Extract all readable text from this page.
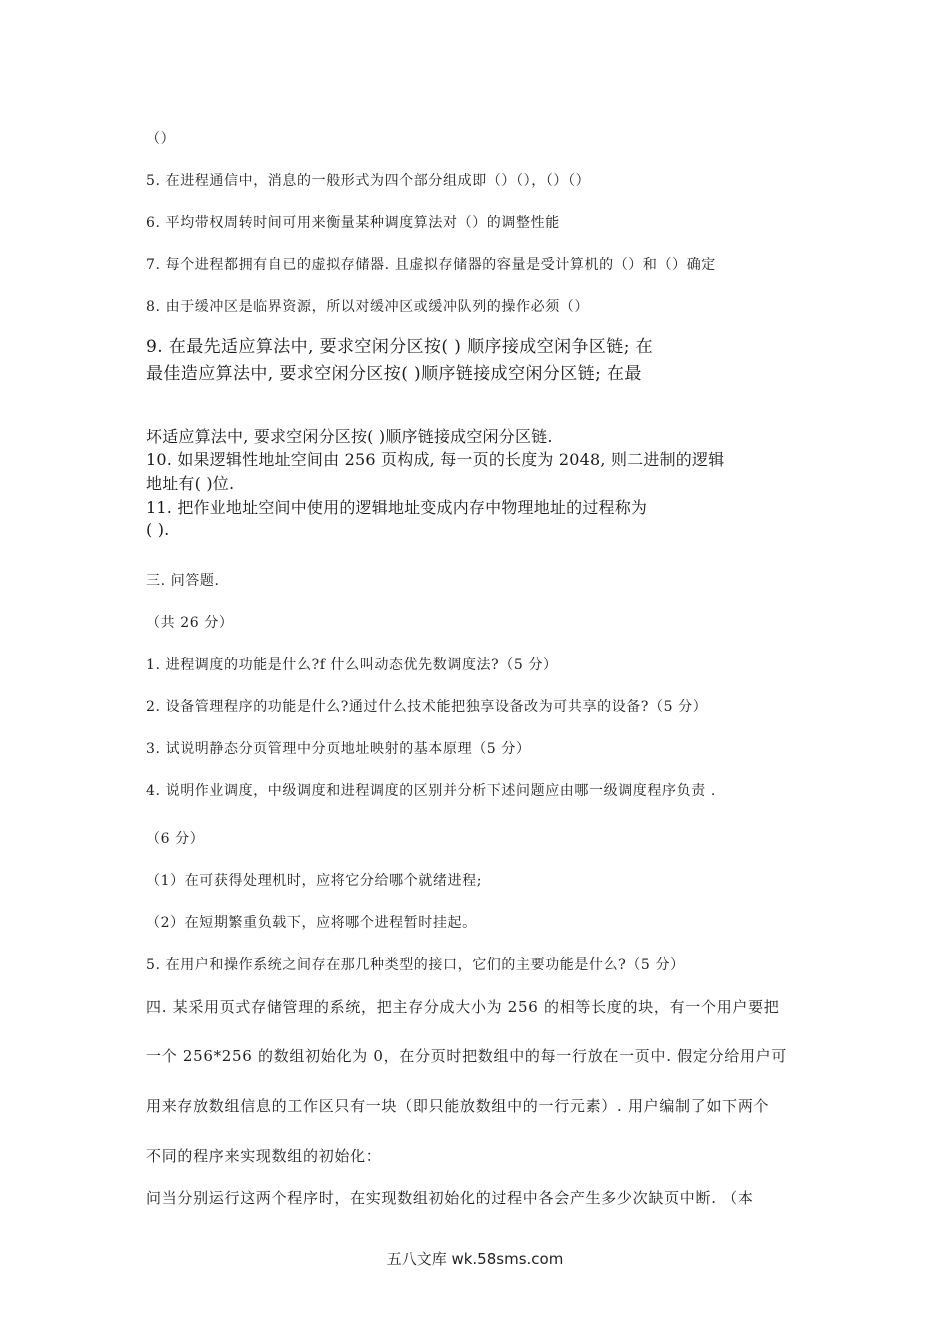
（）
5. 在进程通信中，消息的一般形式为四个部分组成即（）（），（）（）
6. 平均带权周转时间可用来衡量某种调度算法对（）的调整性能
7. 每个进程都拥有自已的虚拟存储器. 且虚拟存储器的容量是受计算机的（）和（）确定
8. 由于缓冲区是临界资源，所以对缓冲区或缓冲队列的操作必须（）
9. 在最先适应算法中, 要求空闲分区按( ) 顺序接成空闲争区链; 在
最佳造应算法中, 要求空闲分区按( )顺序链接成空闲分区链; 在最
坏适应算法中, 要求空闲分区按( )顺序链接成空闲分区链.
10. 如果逻辑性地址空间由 256 页构成, 每一页的长度为 2048, 则二进制的逻辑
地址有( )位.
11. 把作业地址空间中使用的逻辑地址变成内存中物理地址的过程称为
( ).
三. 问答题.
（共 26 分）
1. 进程调度的功能是什么?f 什么叫动态优先数调度法?（5 分）
2. 设备管理程序的功能是什么?通过什么技术能把独享设备改为可共享的设备?（5 分）
3. 试说明静态分页管理中分页地址映射的基本原理（5 分）
4. 说明作业调度，中级调度和进程调度的区别并分析下述问题应由哪一级调度程序负责 .
（6 分）
（1）在可获得处理机时，应将它分给哪个就绪进程;
（2）在短期繁重负载下，应将哪个进程暂时挂起。
5. 在用户和操作系统之间存在那几种类型的接口，它们的主要功能是什么?（5 分）
四. 某采用页式存储管理的系统，把主存分成大小为 256 的相等长度的块，有一个用户要把
一个 256*256 的数组初始化为 0，在分页时把数组中的每一行放在一页中. 假定分给用户可
用来存放数组信息的工作区只有一块（即只能放数组中的一行元素）. 用户编制了如下两个
不同的程序来实现数组的初始化：
问当分别运行这两个程序时，在实现数组初始化的过程中各会产生多少次缺页中断. （本
五八文库 wk.58sms.com
